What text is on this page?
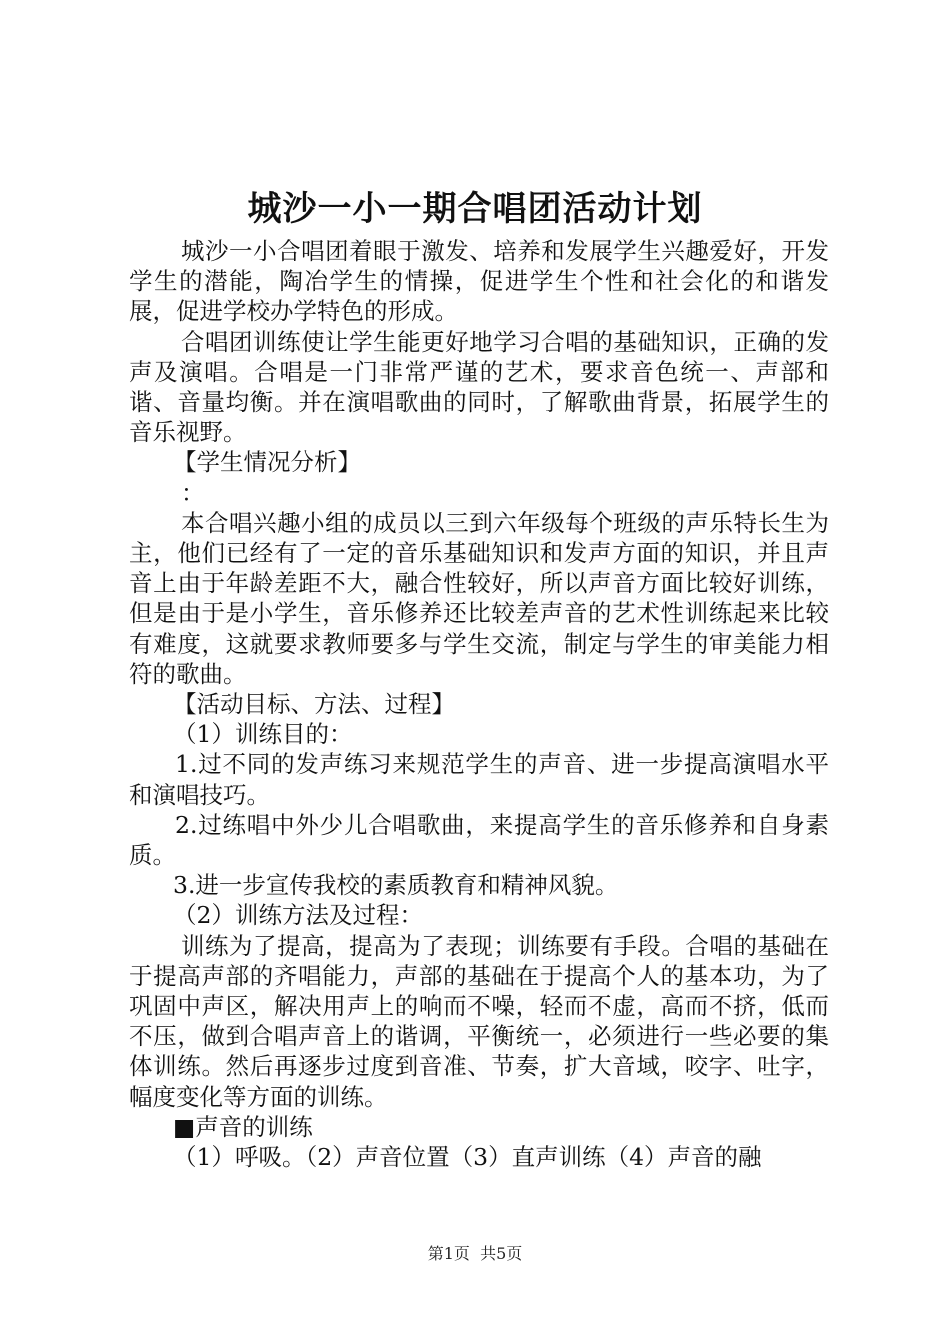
城沙一小一期合唱团活动计划

城沙一小合唱团着眼于激发、培养和发展学生兴趣爱好，开发学生的潜能，陶冶学生的情操，促进学生个性和社会化的和谐发展，促进学校办学特色的形成。

合唱团训练使让学生能更好地学习合唱的基础知识，正确的发声及演唱。合唱是一门非常严谨的艺术，要求音色统一、声部和谐、音量均衡。并在演唱歌曲的同时，了解歌曲背景，拓展学生的音乐视野。

【学生情况分析】

：

本合唱兴趣小组的成员以三到六年级每个班级的声乐特长生为主，他们已经有了一定的音乐基础知识和发声方面的知识，并且声音上由于年龄差距不大，融合性较好，所以声音方面比较好训练，但是由于是小学生，音乐修养还比较差声音的艺术性训练起来比较有难度，这就要求教师要多与学生交流，制定与学生的审美能力相符的歌曲。

【活动目标、方法、过程】

（1）训练目的：

1.过不同的发声练习来规范学生的声音、进一步提高演唱水平和演唱技巧。

2.过练唱中外少儿合唱歌曲，来提高学生的音乐修养和自身素质。

3.进一步宣传我校的素质教育和精神风貌。

（2）训练方法及过程：

训练为了提高，提高为了表现；训练要有手段。合唱的基础在于提高声部的齐唱能力，声部的基础在于提高个人的基本功，为了巩固中声区，解决用声上的响而不噪，轻而不虚，高而不挤，低而不压，做到合唱声音上的谐调，平衡统一，必须进行一些必要的集体训练。然后再逐步过度到音准、节奏，扩大音域，咬字、吐字，幅度变化等方面的训练。

■声音的训练

（1）呼吸。（2）声音位置（3）直声训练（4）声音的融

第1页  共5页
